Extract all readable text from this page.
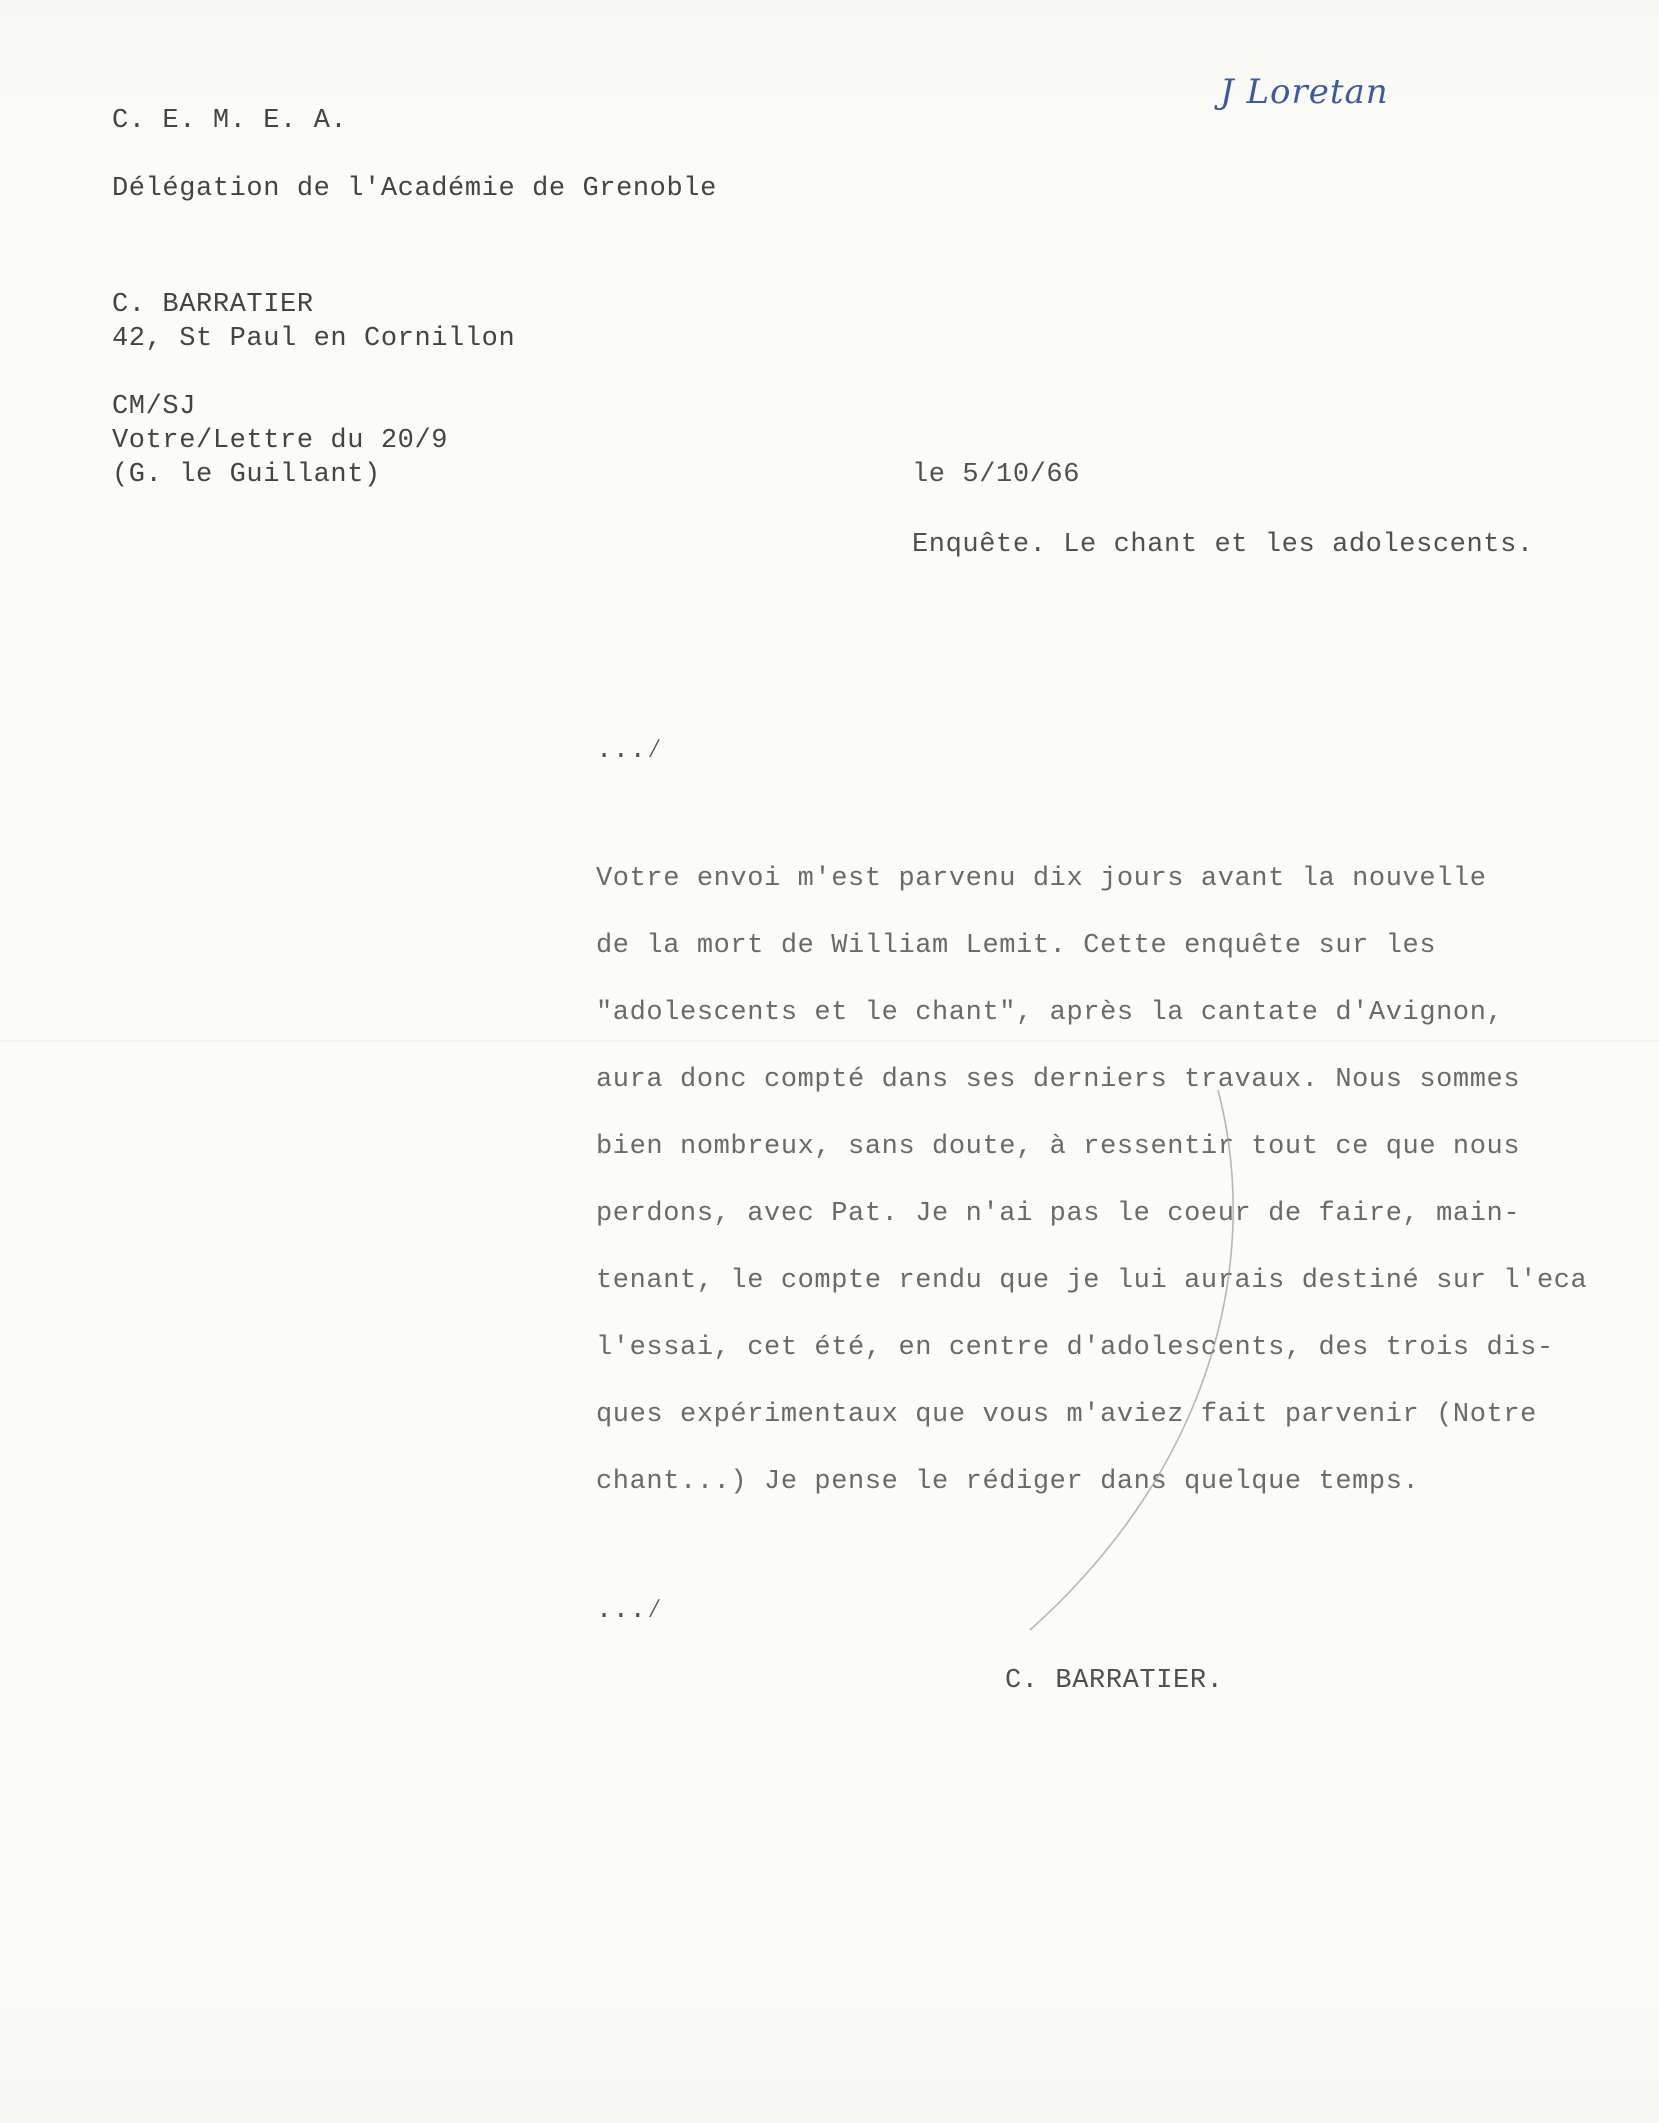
J Loretan
C. E. M. E. A.
Délégation de l'Académie de Grenoble
C. BARRATIER
42, St Paul en Cornillon
CM/SJ
Votre/Lettre du 20/9
(G. le Guillant)	le 5/10/66
Enquête. Le chant et les adolescents.
...∕
Votre envoi m'est parvenu dix jours avant la nouvelle
de la mort de William Lemit. Cette enquête sur les
"adolescents et le chant", après la cantate d'Avignon,
aura donc compté dans ses derniers travaux. Nous sommes
bien nombreux, sans doute, à ressentir tout ce que nous
perdons, avec Pat. Je n'ai pas le coeur de faire, main-
tenant, le compte rendu que je lui aurais destiné sur l'eca
l'essai, cet été, en centre d'adolescents, des trois dis-
ques expérimentaux que vous m'aviez fait parvenir (Notre
chant...) Je pense le rédiger dans quelque temps.
...∕
C. BARRATIER.
